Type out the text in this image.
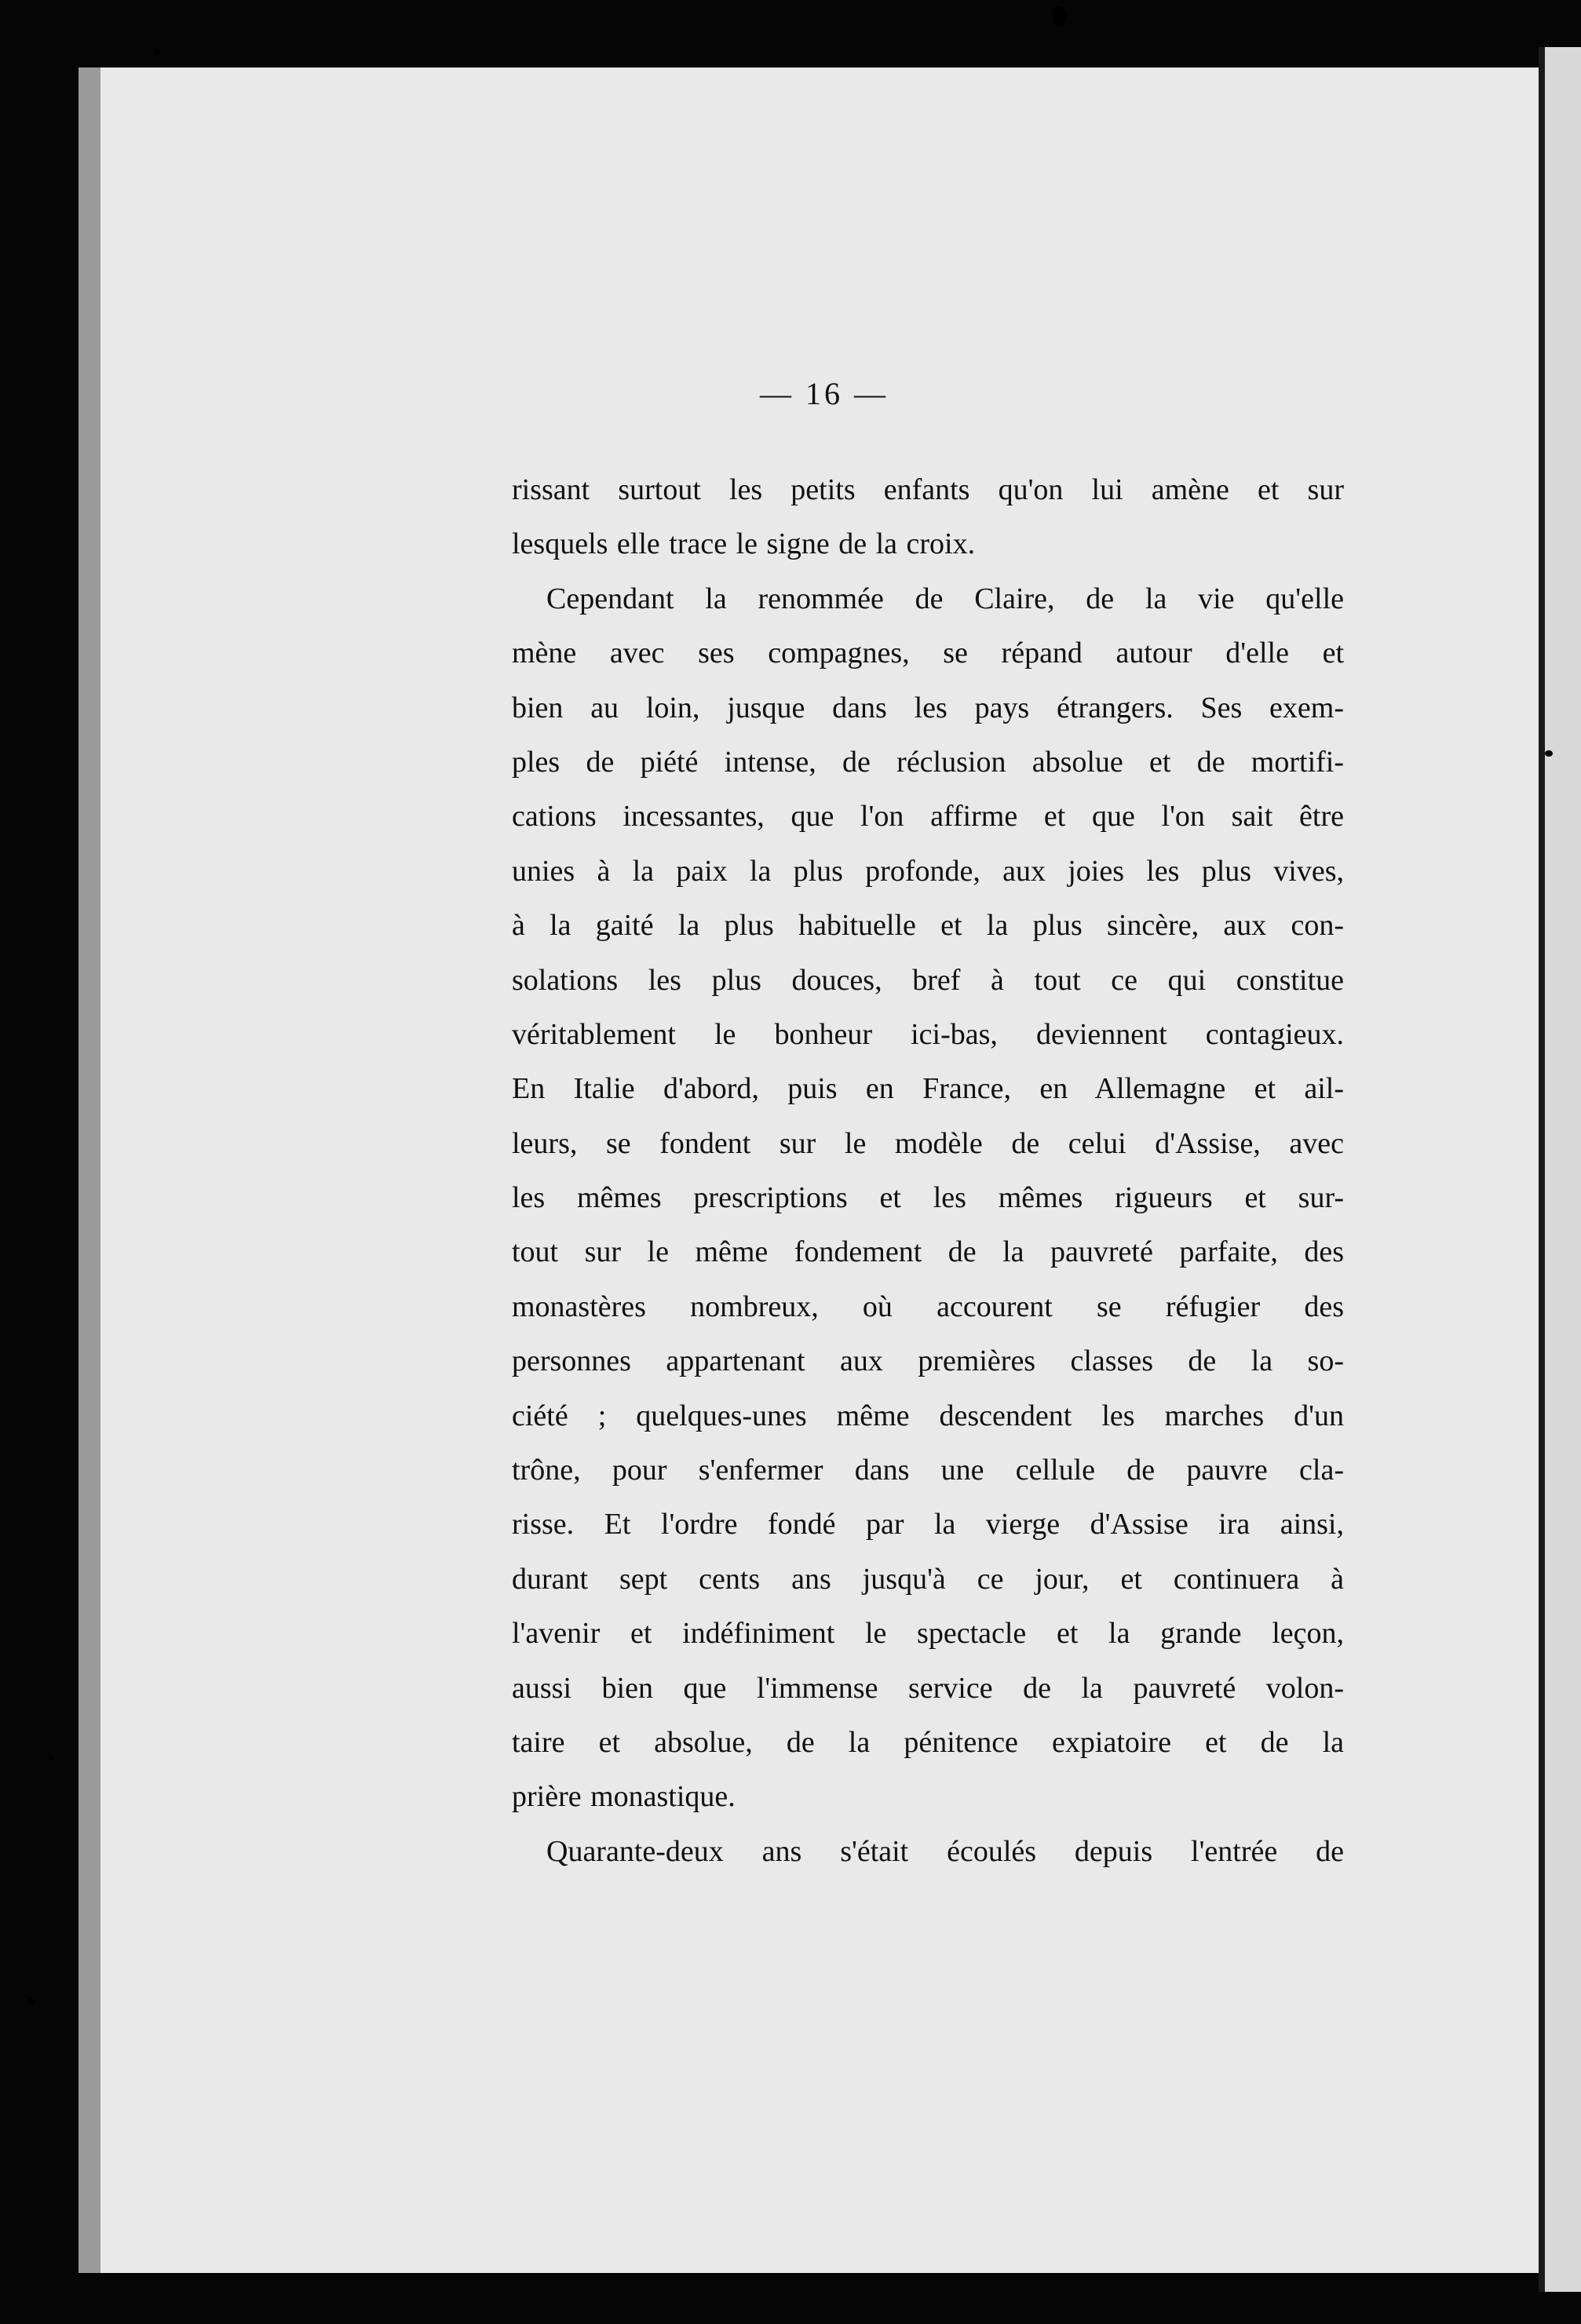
— 16 —
rissant surtout les petits enfants qu'on lui amène et sur
lesquels elle trace le signe de la croix.
Cependant la renommée de Claire, de la vie qu'elle
mène avec ses compagnes, se répand autour d'elle et
bien au loin, jusque dans les pays étrangers. Ses exem-
ples de piété intense, de réclusion absolue et de mortifi-
cations incessantes, que l'on affirme et que l'on sait être
unies à la paix la plus profonde, aux joies les plus vives,
à la gaité la plus habituelle et la plus sincère, aux con-
solations les plus douces, bref à tout ce qui constitue
véritablement le bonheur ici-bas, deviennent contagieux.
En Italie d'abord, puis en France, en Allemagne et ail-
leurs, se fondent sur le modèle de celui d'Assise, avec
les mêmes prescriptions et les mêmes rigueurs et sur-
tout sur le même fondement de la pauvreté parfaite, des
monastères nombreux, où accourent se réfugier des
personnes appartenant aux premières classes de la so-
ciété ; quelques-unes même descendent les marches d'un
trône, pour s'enfermer dans une cellule de pauvre cla-
risse. Et l'ordre fondé par la vierge d'Assise ira ainsi,
durant sept cents ans jusqu'à ce jour, et continuera à
l'avenir et indéfiniment le spectacle et la grande leçon,
aussi bien que l'immense service de la pauvreté volon-
taire et absolue, de la pénitence expiatoire et de la
prière monastique.
Quarante-deux ans s'était écoulés depuis l'entrée de
